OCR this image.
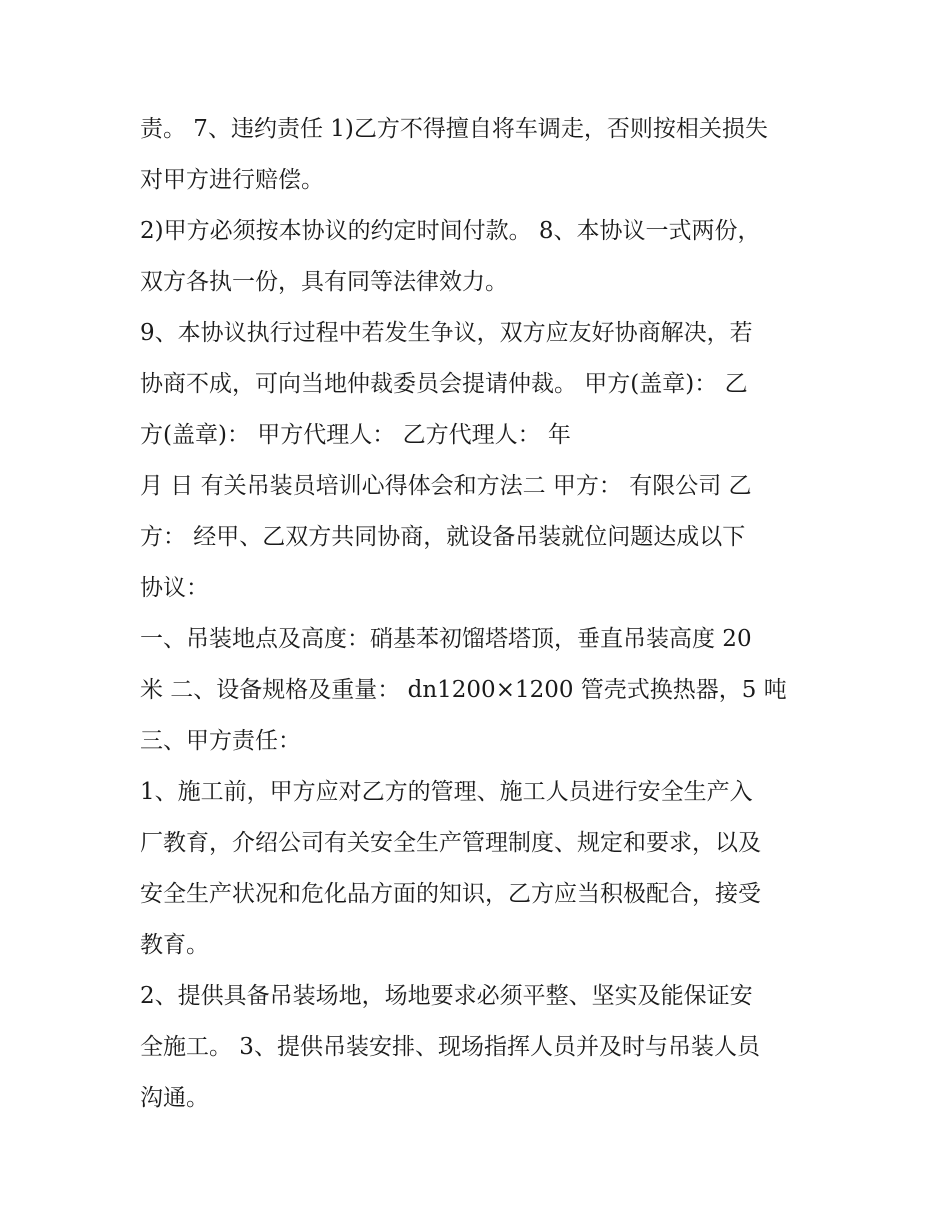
责。 7、违约责任 1)乙方不得擅自将车调走，否则按相关损失
对甲方进行赔偿。
2)甲方必须按本协议的约定时间付款。 8、本协议一式两份，
双方各执一份，具有同等法律效力。
9、本协议执行过程中若发生争议，双方应友好协商解决，若
协商不成，可向当地仲裁委员会提请仲裁。 甲方(盖章)： 乙
方(盖章)： 甲方代理人： 乙方代理人： 年
月 日 有关吊装员培训心得体会和方法二 甲方： 有限公司 乙
方： 经甲、乙双方共同协商，就设备吊装就位问题达成以下
协议：
一、吊装地点及高度：硝基苯初馏塔塔顶，垂直吊装高度 20
米 二、设备规格及重量： dn1200×1200 管壳式换热器，5 吨
三、甲方责任：
1、施工前，甲方应对乙方的管理、施工人员进行安全生产入
厂教育，介绍公司有关安全生产管理制度、规定和要求，以及
安全生产状况和危化品方面的知识，乙方应当积极配合，接受
教育。
2、提供具备吊装场地，场地要求必须平整、坚实及能保证安
全施工。 3、提供吊装安排、现场指挥人员并及时与吊装人员
沟通。
